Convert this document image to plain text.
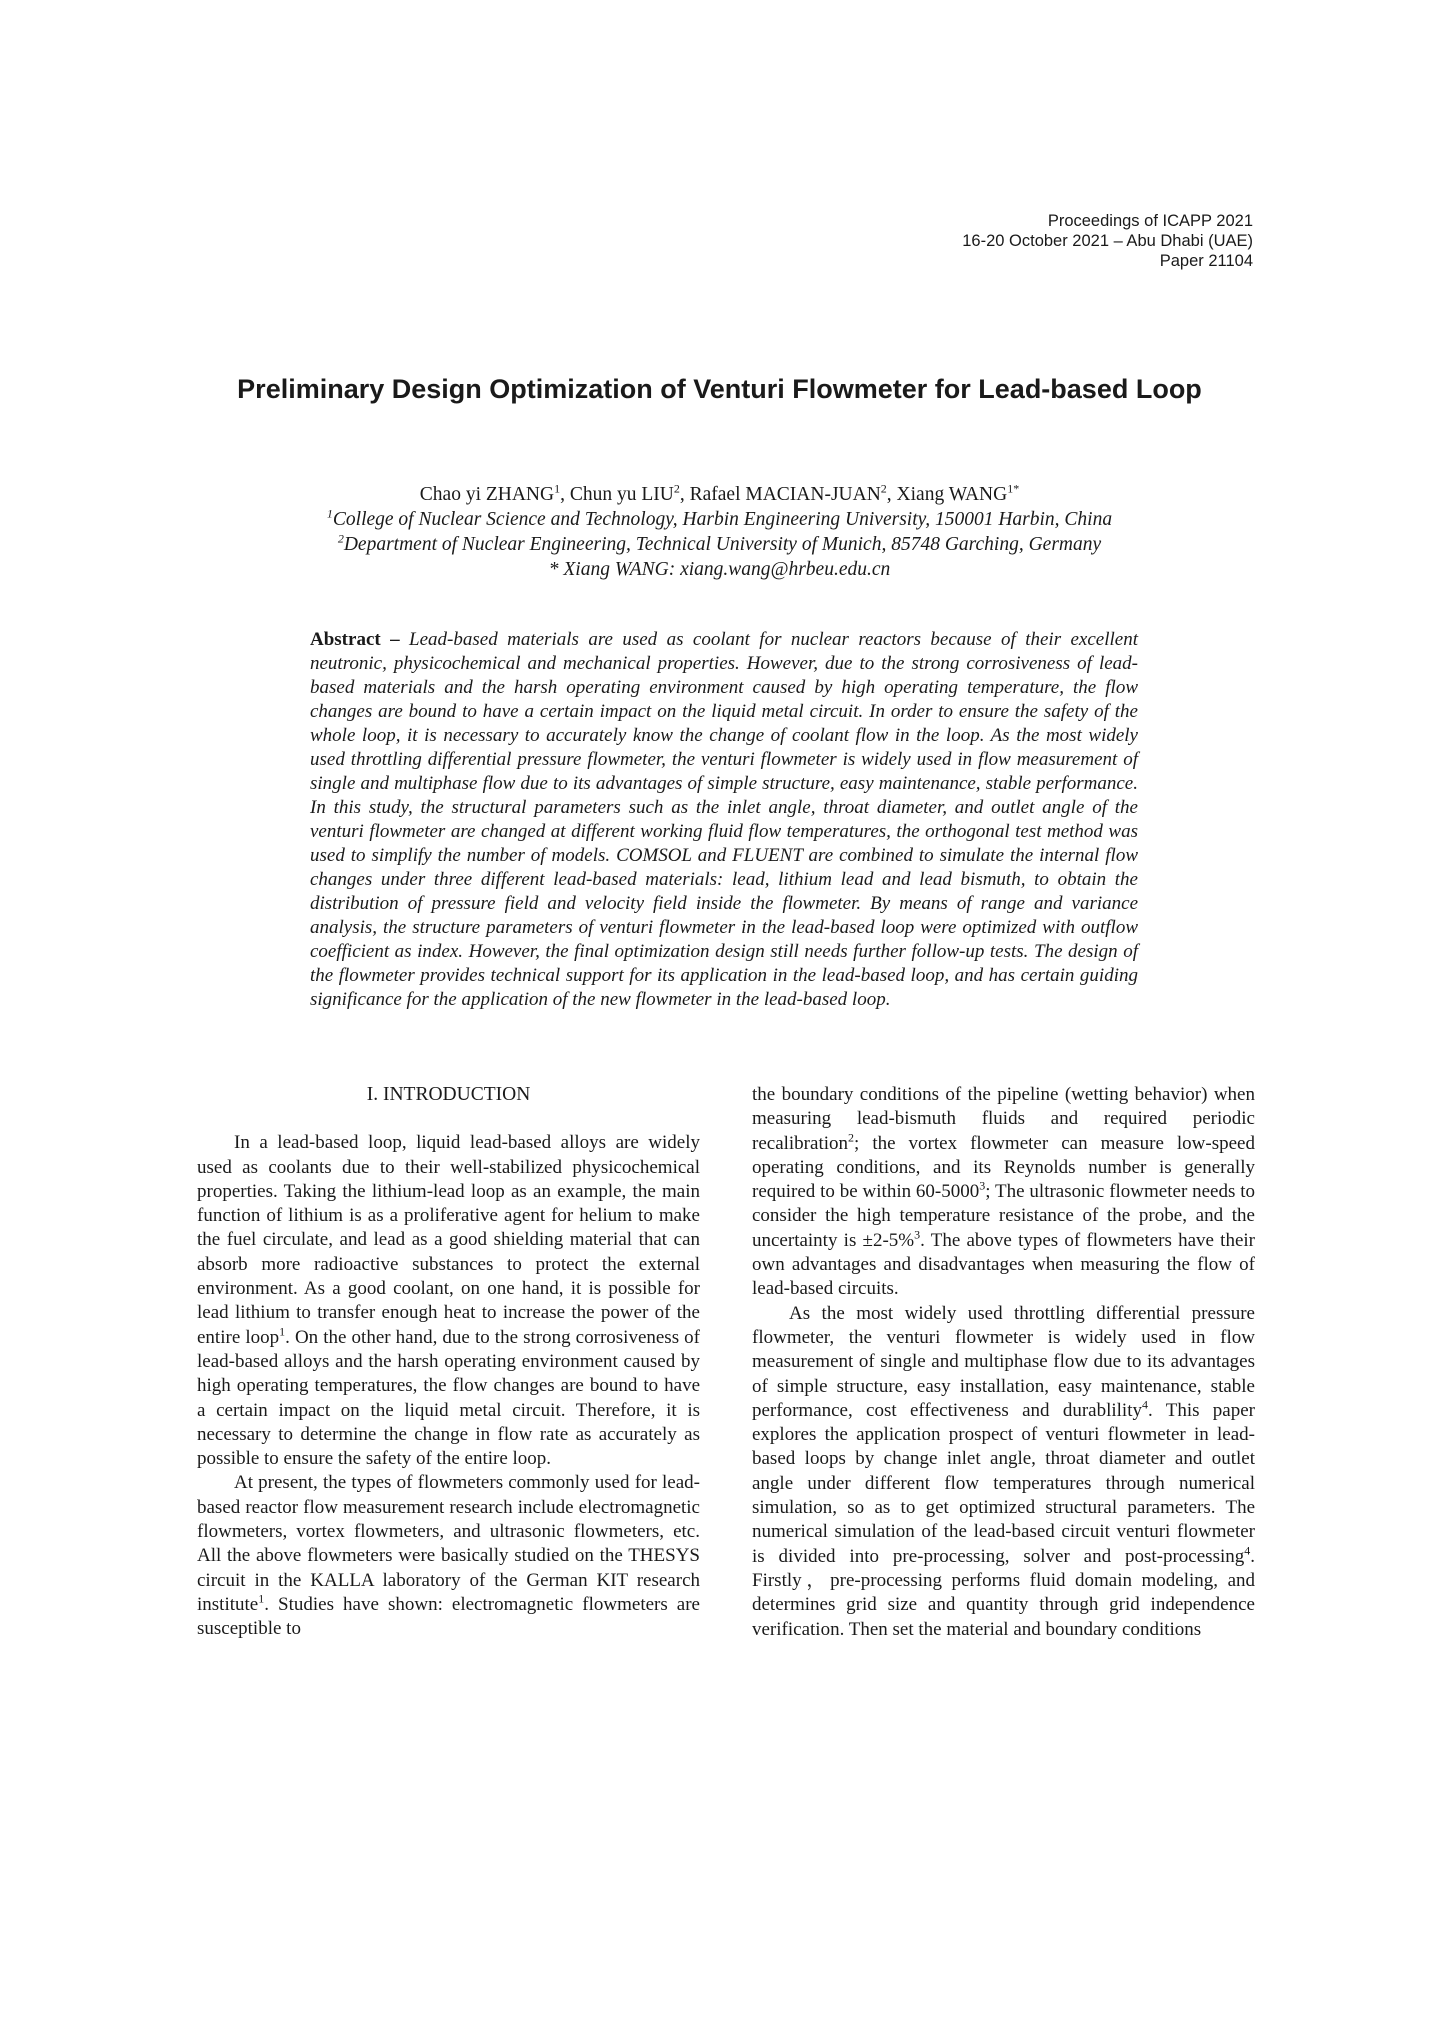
Proceedings of ICAPP 2021
16-20 October 2021 – Abu Dhabi (UAE)
Paper 21104
Preliminary Design Optimization of Venturi Flowmeter for Lead-based Loop
Chao yi ZHANG$^1$, Chun yu LIU$^2$, Rafael MACIAN-JUAN$^2$, Xiang $WANG^{1*}$
$^1$College of Nuclear Science and Technology, Harbin Engineering University, 150001 Harbin, China
$^2$Department of Nuclear Engineering, Technical University of Munich, 85748 Garching, Germany
* Xiang WANG: xiang.wang@hrbeu.edu.cn
Abstract – Lead-based materials are used as coolant for nuclear reactors because of their excellent neutronic, physicochemical and mechanical properties. However, due to the strong corrosiveness of lead-based materials and the harsh operating environment caused by high operating temperature, the flow changes are bound to have a certain impact on the liquid metal circuit. In order to ensure the safety of the whole loop, it is necessary to accurately know the change of coolant flow in the loop. As the most widely used throttling differential pressure flowmeter, the venturi flowmeter is widely used in flow measurement of single and multiphase flow due to its advantages of simple structure, easy maintenance, stable performance. In this study, the structural parameters such as the inlet angle, throat diameter, and outlet angle of the venturi flowmeter are changed at different working fluid flow temperatures, the orthogonal test method was used to simplify the number of models. COMSOL and FLUENT are combined to simulate the internal flow changes under three different lead-based materials: lead, lithium lead and lead bismuth, to obtain the distribution of pressure field and velocity field inside the flowmeter. By means of range and variance analysis, the structure parameters of venturi flowmeter in the lead-based loop were optimized with outflow coefficient as index. However, the final optimization design still needs further follow-up tests. The design of the flowmeter provides technical support for its application in the lead-based loop, and has certain guiding significance for the application of the new flowmeter in the lead-based loop.
I. INTRODUCTION

In a lead-based loop, liquid lead-based alloys are widely used as coolants due to their well-stabilized physicochemical properties. Taking the lithium-lead loop as an example, the main function of lithium is as a proliferative agent for helium to make the fuel circulate, and lead as a good shielding material that can absorb more radioactive substances to protect the external environment. As a good coolant, on one hand, it is possible for lead lithium to transfer enough heat to increase the power of the entire loop$^1$. On the other hand, due to the strong corrosiveness of lead-based alloys and the harsh operating environment caused by high operating temperatures, the flow changes are bound to have a certain impact on the liquid metal circuit. Therefore, it is necessary to determine the change in flow rate as accurately as possible to ensure the safety of the entire loop.

At present, the types of flowmeters commonly used for lead-based reactor flow measurement research include electromagnetic flowmeters, vortex flowmeters, and ultrasonic flowmeters, etc. All the above flowmeters were basically studied on the THESYS circuit in the KALLA laboratory of the German KIT research institute$^1$. Studies have shown: electromagnetic flowmeters are susceptible to

the boundary conditions of the pipeline (wetting behavior) when measuring lead-bismuth fluids and required periodic recalibration$^2$; the vortex flowmeter can measure low-speed operating conditions, and its Reynolds number is generally required to be within 60-5000$^3$; The ultrasonic flowmeter needs to consider the high temperature resistance of the probe, and the uncertainty is ±2-5%$^3$. The above types of flowmeters have their own advantages and disadvantages when measuring the flow of lead-based circuits.

As the most widely used throttling differential pressure flowmeter, the venturi flowmeter is widely used in flow measurement of single and multiphase flow due to its advantages of simple structure, easy installation, easy maintenance, stable performance, cost effectiveness and durablility$^4$. This paper explores the application prospect of venturi flowmeter in lead-based loops by change inlet angle, throat diameter and outlet angle under different flow temperatures through numerical simulation, so as to get optimized structural parameters. The numerical simulation of the lead-based circuit venturi flowmeter is divided into pre-processing, solver and post-processing$^4$. Firstly，pre-processing performs fluid domain modeling, and determines grid size and quantity through grid independence verification. Then set the material and boundary conditions
